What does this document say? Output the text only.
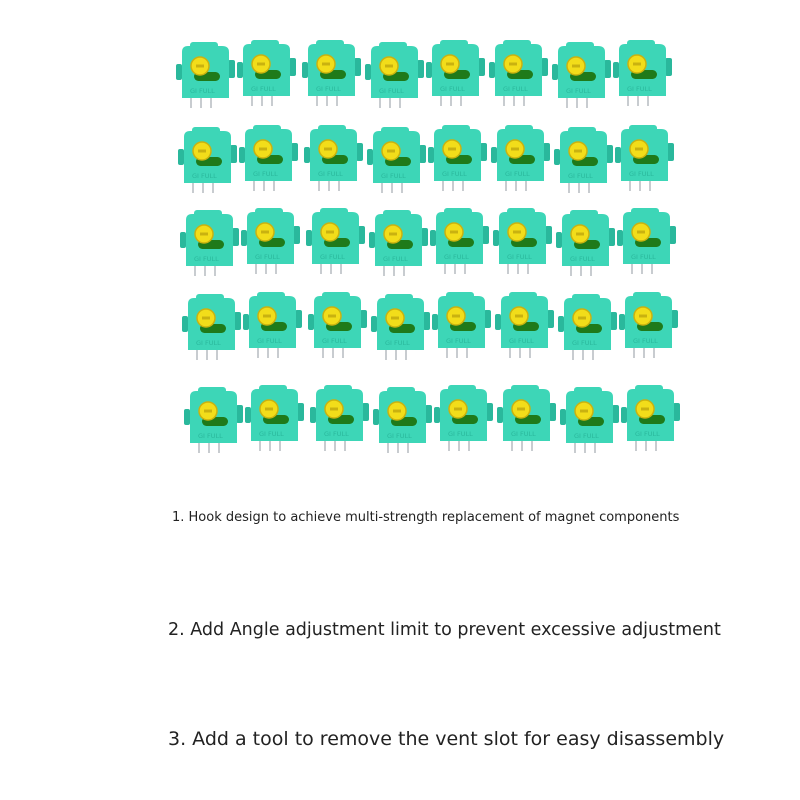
GI FULL	GI FULL	GI FULL	GI FULL	GI FULL	GI FULL	GI FULL	GI FULL
GI FULL	GI FULL	GI FULL	GI FULL	GI FULL	GI FULL	GI FULL	GI FULL
GI FULL	GI FULL	GI FULL	GI FULL	GI FULL	GI FULL	GI FULL	GI FULL
GI FULL	GI FULL	GI FULL	GI FULL	GI FULL	GI FULL	GI FULL	GI FULL
GI FULL	GI FULL	GI FULL	GI FULL	GI FULL	GI FULL	GI FULL	GI FULL
1. Hook design to achieve multi-strength replacement of magnet components
2. Add Angle adjustment limit to prevent excessive adjustment
3. Add a tool to remove the vent slot for easy disassembly
